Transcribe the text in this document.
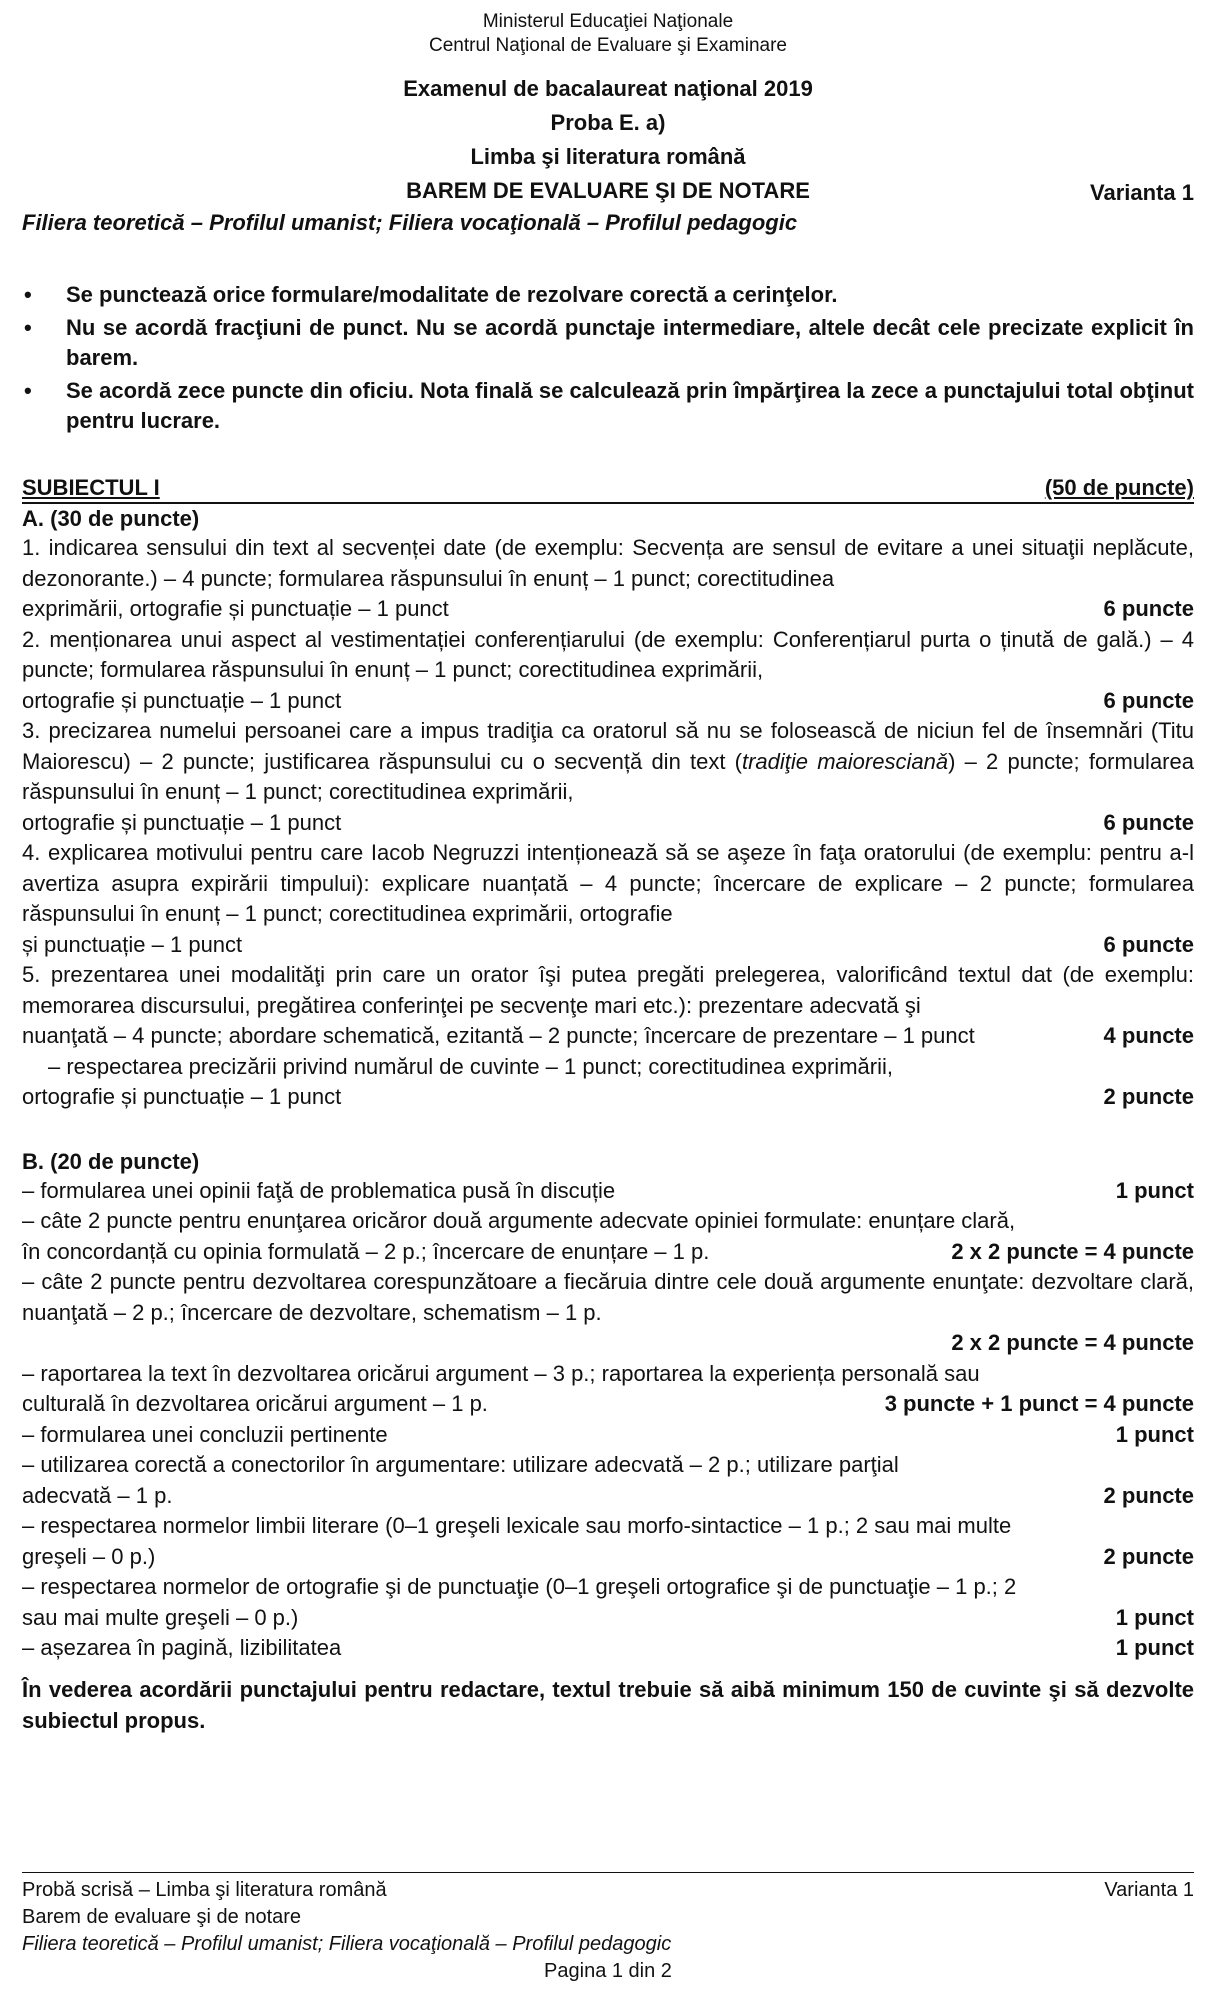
Ministerul Educaţiei Naţionale
Centrul Naţional de Evaluare şi Examinare
Examenul de bacalaureat naţional 2019
Proba E. a)
Limba şi literatura română
BAREM DE EVALUARE ŞI DE NOTARE	Varianta 1
Filiera teoretică – Profilul umanist; Filiera vocaţională – Profilul pedagogic
• Se punctează orice formulare/modalitate de rezolvare corectă a cerinţelor.
• Nu se acordă fracţiuni de punct. Nu se acordă punctaje intermediare, altele decât cele precizate explicit în barem.
• Se acordă zece puncte din oficiu. Nota finală se calculează prin împărţirea la zece a punctajului total obţinut pentru lucrare.
SUBIECTUL I	(50 de puncte)
A. (30 de puncte)
1. indicarea sensului din text al secvenței date (de exemplu: Secvența are sensul de evitare a unei situaţii neplăcute, dezonorante.) – 4 puncte; formularea răspunsului în enunț – 1 punct; corectitudinea
exprimării, ortografie și punctuație – 1 punct	6 puncte
2. menționarea unui aspect al vestimentației conferențiarului (de exemplu: Conferențiarul purta o ținută de gală.) – 4 puncte; formularea răspunsului în enunț – 1 punct; corectitudinea exprimării,
ortografie și punctuație – 1 punct	6 puncte
3. precizarea numelui persoanei care a impus tradiţia ca oratorul să nu se folosească de niciun fel de însemnări (Titu Maiorescu) – 2 puncte; justificarea răspunsului cu o secvență din text (tradiţie maiorescianǎ) – 2 puncte; formularea răspunsului în enunț – 1 punct; corectitudinea exprimării,
ortografie și punctuație – 1 punct	6 puncte
4. explicarea motivului pentru care Iacob Negruzzi intenționează să se aşeze în faţa oratorului (de exemplu: pentru a-l avertiza asupra expirării timpului): explicare nuanțată – 4 puncte; încercare de explicare – 2 puncte; formularea răspunsului în enunț – 1 punct; corectitudinea exprimării, ortografie
și punctuație – 1 punct	6 puncte
5. prezentarea unei modalităţi prin care un orator îşi putea pregăti prelegerea, valorificând textul dat (de exemplu: memorarea discursului, pregătirea conferinţei pe secvenţe mari etc.): prezentare adecvată şi
nuanţată – 4 puncte; abordare schematică, ezitantă – 2 puncte; încercare de prezentare – 1 punct	4 puncte
– respectarea precizării privind numărul de cuvinte – 1 punct; corectitudinea exprimării,
ortografie și punctuație – 1 punct	2 puncte
B. (20 de puncte)
– formularea unei opinii faţă de problematica pusă în discuție	1 punct
– câte 2 puncte pentru enunţarea oricăror două argumente adecvate opiniei formulate: enunțare clară,
în concordanță cu opinia formulată – 2 p.; încercare de enunțare – 1 p.	2 x 2 puncte = 4 puncte
– câte 2 puncte pentru dezvoltarea corespunzătoare a fiecăruia dintre cele două argumente enunţate: dezvoltare clară, nuanţată – 2 p.; încercare de dezvoltare, schematism – 1 p.
2 x 2 puncte = 4 puncte
– raportarea la text în dezvoltarea oricărui argument – 3 p.; raportarea la experiența personală sau
culturală în dezvoltarea oricărui argument – 1 p.	3 puncte + 1 punct = 4 puncte
– formularea unei concluzii pertinente	1 punct
– utilizarea corectă a conectorilor în argumentare: utilizare adecvată – 2 p.; utilizare parţial
adecvată – 1 p.	2 puncte
– respectarea normelor limbii literare (0–1 greşeli lexicale sau morfo-sintactice – 1 p.; 2 sau mai multe
greşeli – 0 p.)	2 puncte
– respectarea normelor de ortografie şi de punctuaţie (0–1 greşeli ortografice şi de punctuaţie – 1 p.; 2
sau mai multe greşeli – 0 p.)	1 punct
– așezarea în pagină, lizibilitatea	1 punct
În vederea acordării punctajului pentru redactare, textul trebuie să aibă minimum 150 de cuvinte şi să dezvolte subiectul propus.
Probă scrisă – Limba şi literatura română	Varianta 1
Barem de evaluare şi de notare
Filiera teoretică – Profilul umanist; Filiera vocaţională – Profilul pedagogic
Pagina 1 din 2
